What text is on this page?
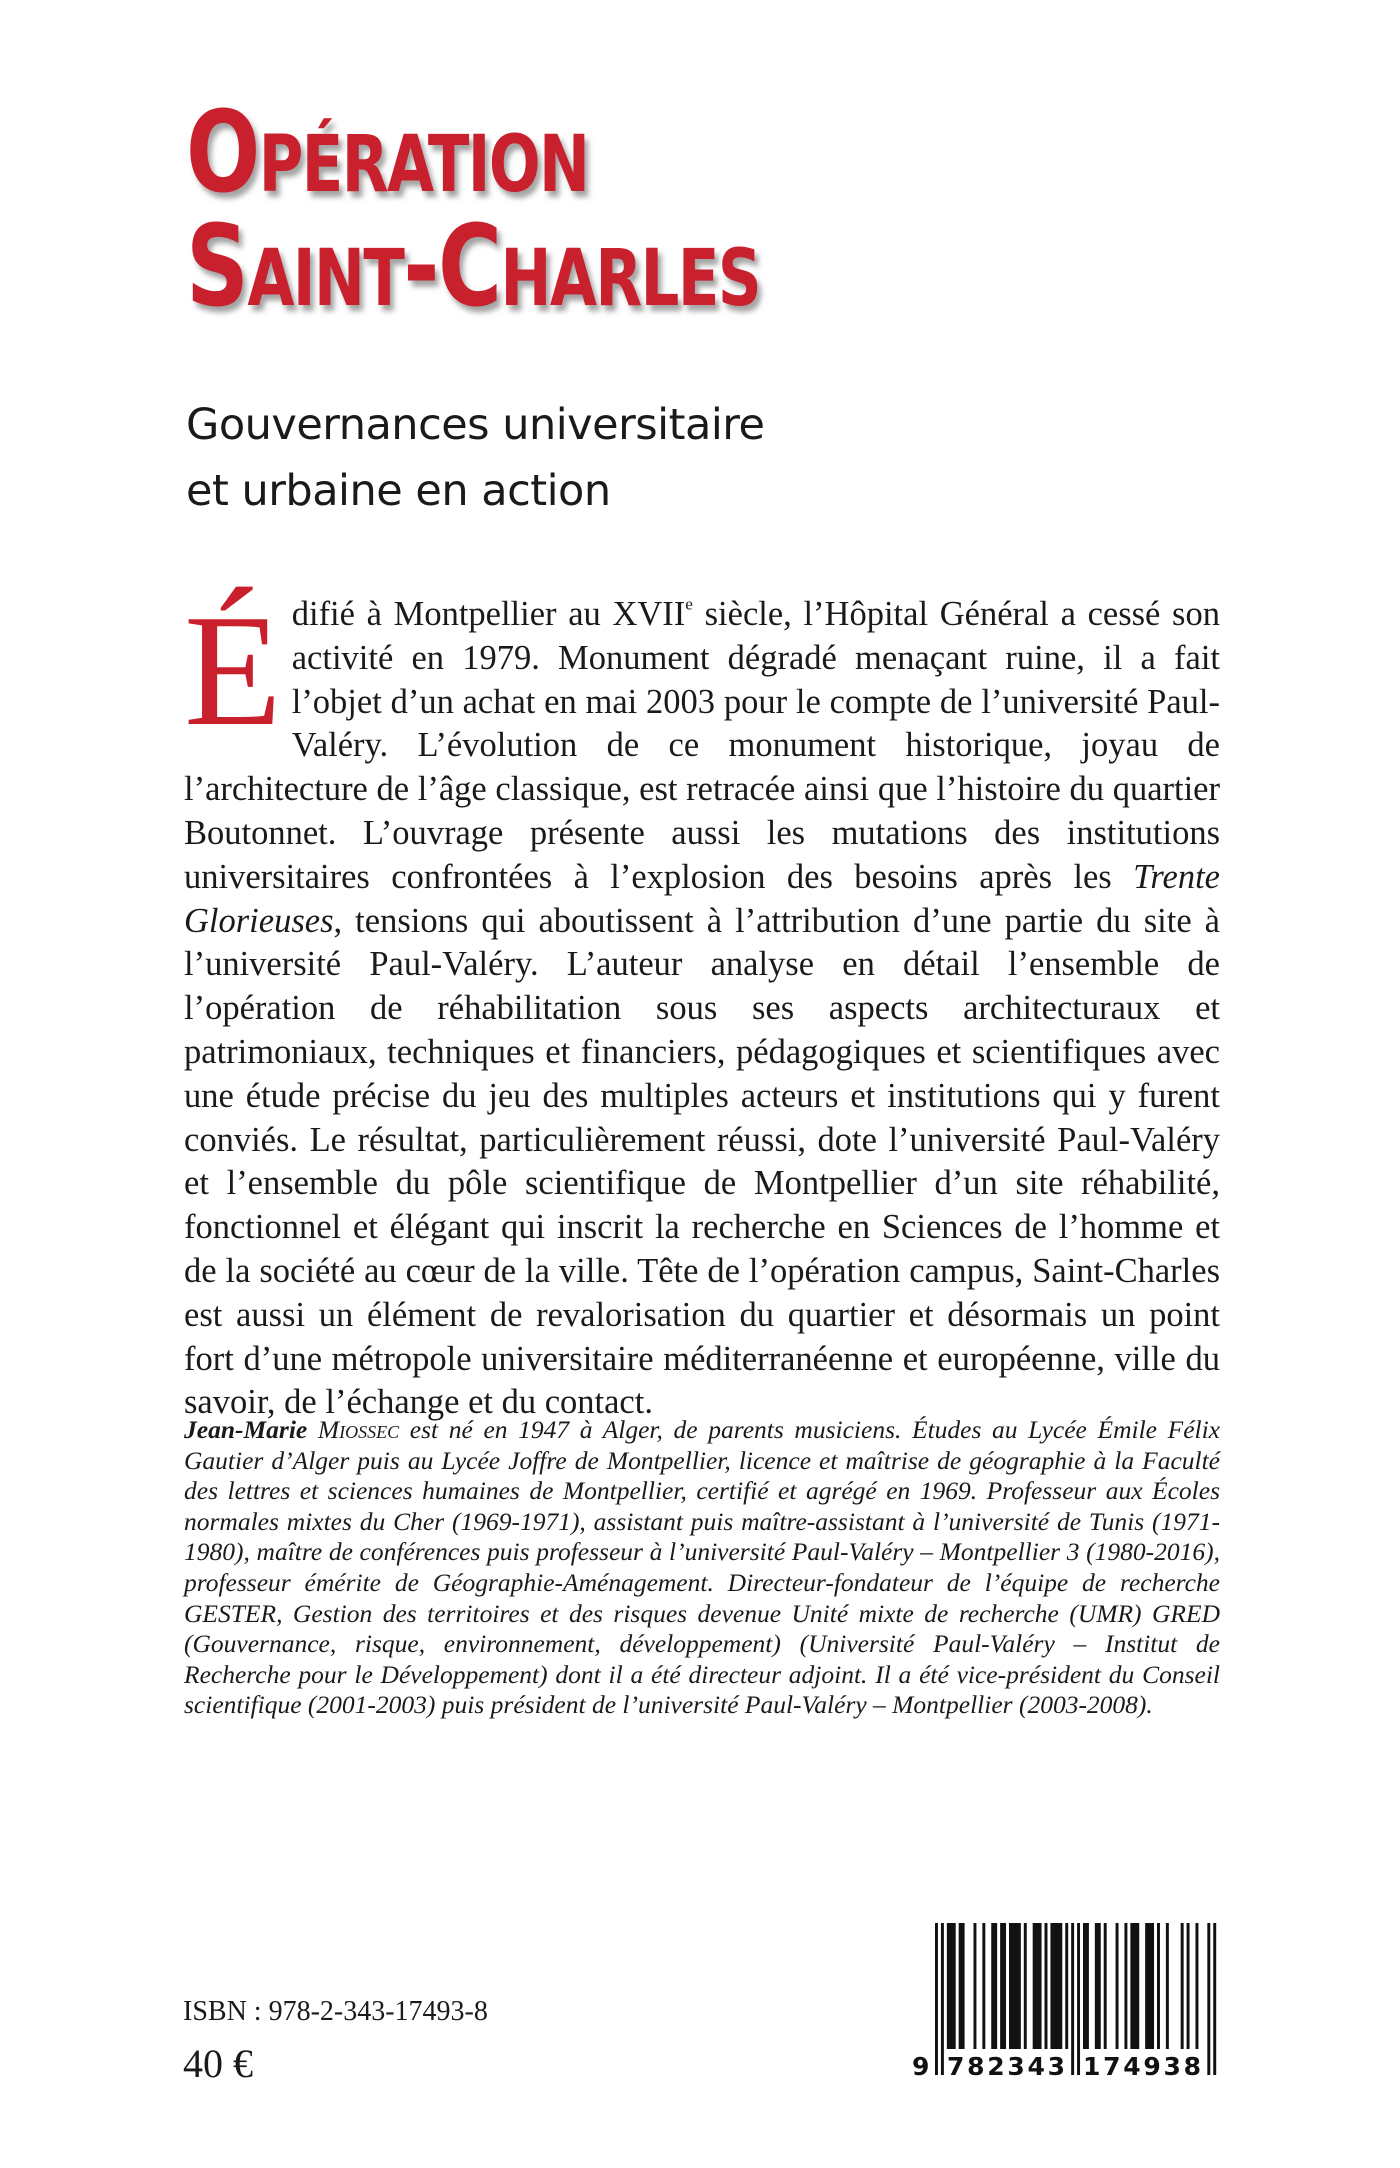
Opération
Saint-Charles
Gouvernances universitaire
et urbaine en action

Édifié à Montpellier au XVIIe siècle, l’Hôpital Général a cessé son activité en 1979. Monument dégradé menaçant ruine, il a fait l’objet d’un achat en mai 2003 pour le compte de l’université Paul-Valéry. L’évolution de ce monument historique, joyau de l’architecture de l’âge classique, est retracée ainsi que l’histoire du quartier Boutonnet. L’ouvrage présente aussi les mutations des institutions universitaires confrontées à l’explosion des besoins après les Trente Glorieuses, tensions qui aboutissent à l’attribution d’une partie du site à l’université Paul-Valéry. L’auteur analyse en détail l’ensemble de l’opération de réhabilitation sous ses aspects architecturaux et patrimoniaux, techniques et financiers, pédagogiques et scientifiques avec une étude précise du jeu des multiples acteurs et institutions qui y furent conviés. Le résultat, particulièrement réussi, dote l’université Paul-Valéry et l’ensemble du pôle scientifique de Montpellier d’un site réhabilité, fonctionnel et élégant qui inscrit la recherche en Sciences de l’homme et de la société au cœur de la ville. Tête de l’opération campus, Saint-Charles est aussi un élément de revalorisation du quartier et désormais un point fort d’une métropole universitaire méditerranéenne et européenne, ville du savoir, de l’échange et du contact.

Jean-Marie Miossec est né en 1947 à Alger, de parents musiciens. Études au Lycée Émile Félix Gautier d’Alger puis au Lycée Joffre de Montpellier, licence et maîtrise de géographie à la Faculté des lettres et sciences humaines de Montpellier, certifié et agrégé en 1969. Professeur aux Écoles normales mixtes du Cher (1969-1971), assistant puis maître-assistant à l’université de Tunis (1971-1980), maître de conférences puis professeur à l’université Paul-Valéry – Montpellier 3 (1980-2016), professeur émérite de Géographie-Aménagement. Directeur-fondateur de l’équipe de recherche GESTER, Gestion des territoires et des risques devenue Unité mixte de recherche (UMR) GRED (Gouvernance, risque, environnement, développement) (Université Paul-Valéry – Institut de Recherche pour le Développement) dont il a été directeur adjoint. Il a été vice-président du Conseil scientifique (2001-2003) puis président de l’université Paul-Valéry – Montpellier (2003-2008).

ISBN : 978-2-343-17493-8
40 €	9 782343 174938
